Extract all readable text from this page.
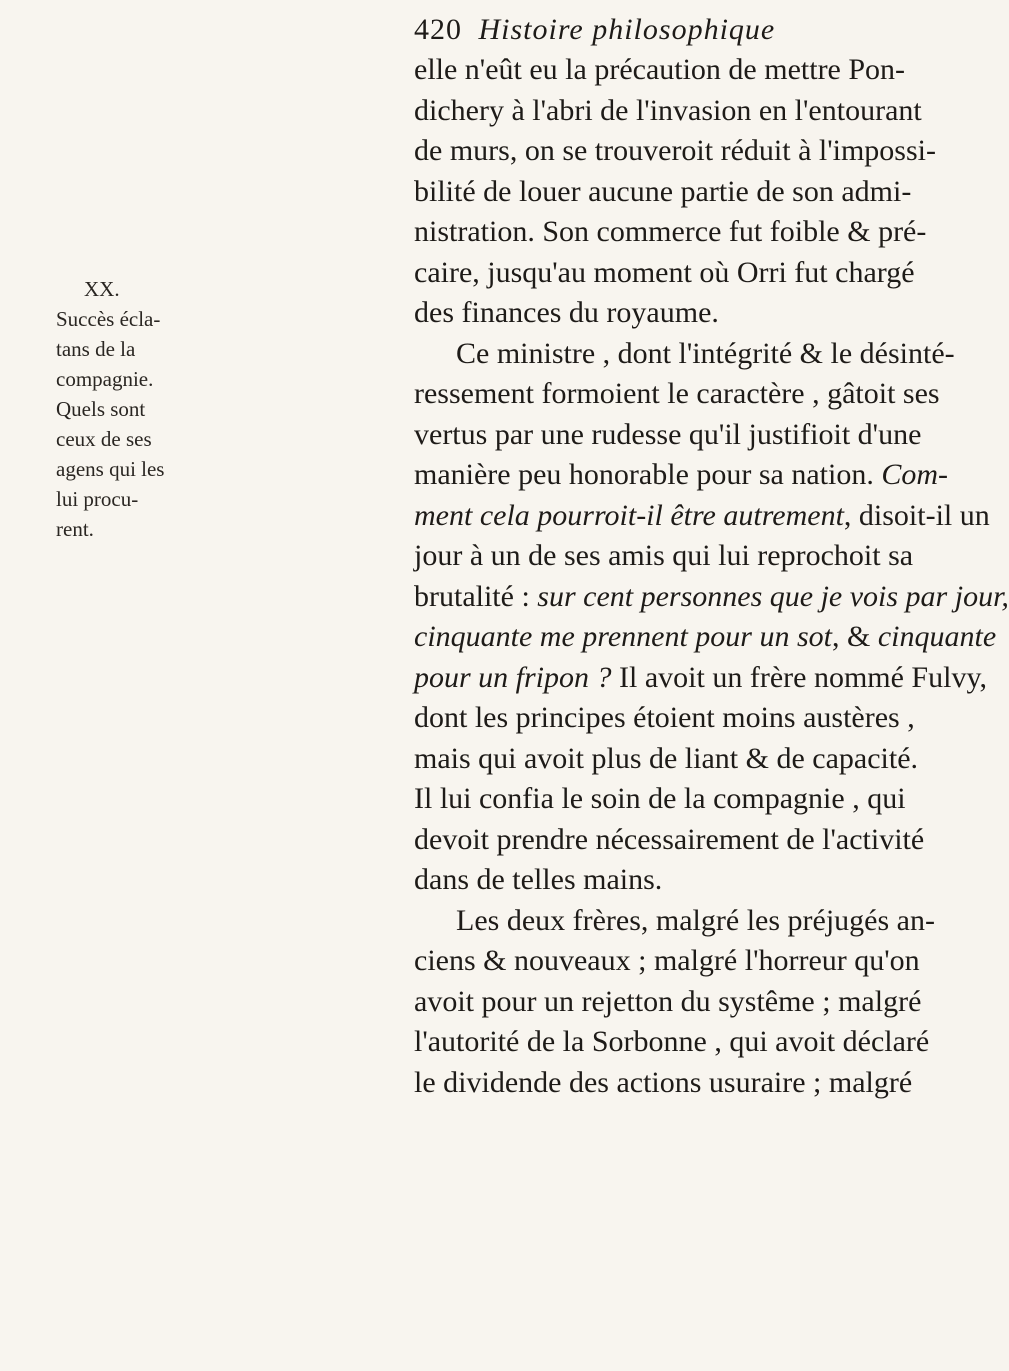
420 Histoire philosophique
XX.
Succès écla-
tans de la
compagnie.
Quels sont
ceux de ses
agens qui les
lui procu-
rent.
elle n'eût eu la précaution de mettre Pon-
dichery à l'abri de l'invasion en l'entourant
de murs, on se trouveroit réduit à l'impossi-
bilité de louer aucune partie de son admi-
nistration. Son commerce fut foible & pré-
caire, jusqu'au moment où Orri fut chargé
des finances du royaume.
Ce ministre , dont l'intégrité & le désinté-
ressement formoient le caractère , gâtoit ses
vertus par une rudesse qu'il justifioit d'une
manière peu honorable pour sa nation. Com-
ment cela pourroit-il être autrement, disoit-il un
jour à un de ses amis qui lui reprochoit sa
brutalité : sur cent personnes que je vois par jour,
cinquante me prennent pour un sot, & cinquante
pour un fripon ? Il avoit un frère nommé Fulvy,
dont les principes étoient moins austères ,
mais qui avoit plus de liant & de capacité.
Il lui confia le soin de la compagnie , qui
devoit prendre nécessairement de l'activité
dans de telles mains.
Les deux frères, malgré les préjugés an-
ciens & nouveaux ; malgré l'horreur qu'on
avoit pour un rejetton du systême ; malgré
l'autorité de la Sorbonne , qui avoit déclaré
le dividende des actions usuraire ; malgré
